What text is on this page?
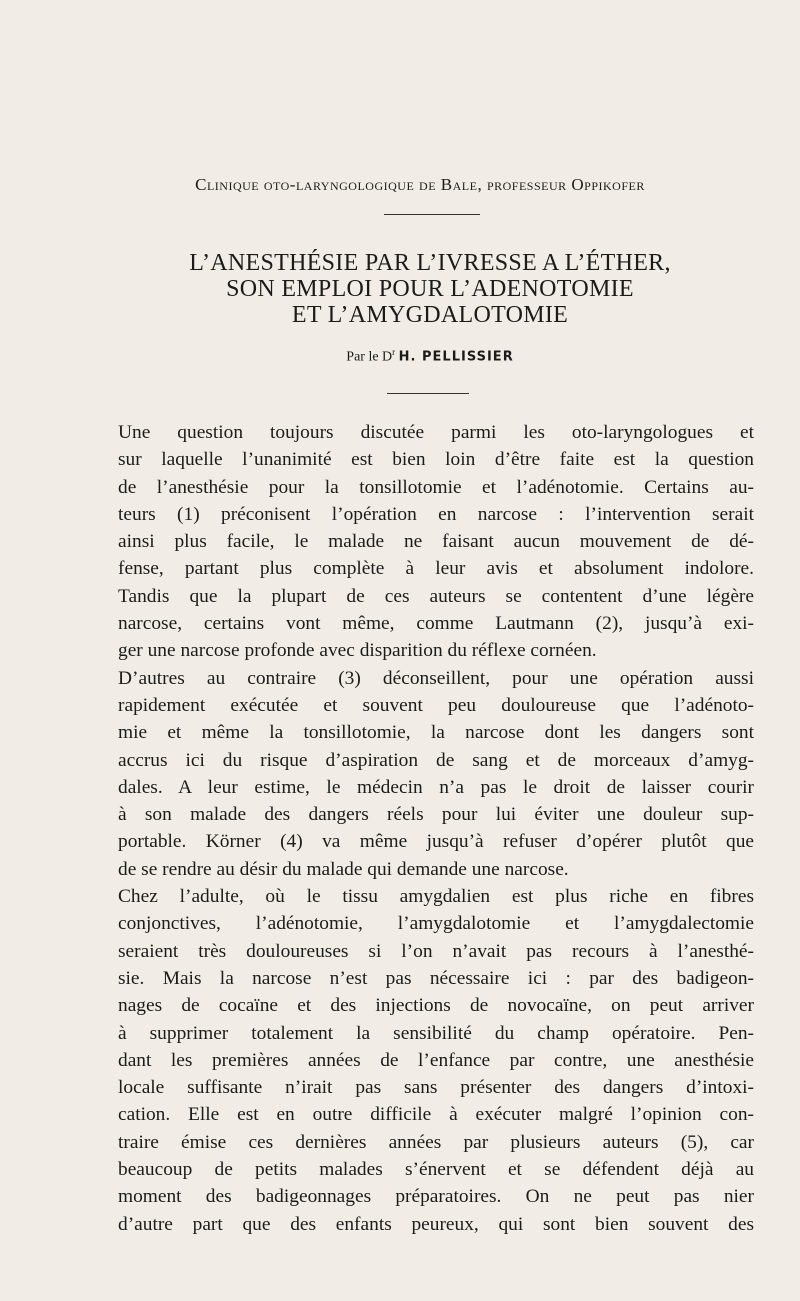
Clinique oto-laryngologique de Bale, professeur Oppikofer
L’ANESTHÉSIE PAR L’IVRESSE A L’ÉTHER,
SON EMPLOI POUR L’ADENOTOMIE
ET L’AMYGDALOTOMIE
Par le $D^r$ H. PELLISSIER
Une question toujours discutée parmi les oto-laryngologues et
sur laquelle l’unanimité est bien loin d’être faite est la question
de l’anesthésie pour la tonsillotomie et l’adénotomie. Certains au-
teurs (1) préconisent l’opération en narcose : l’intervention serait
ainsi plus facile, le malade ne faisant aucun mouvement de dé-
fense, partant plus complète à leur avis et absolument indolore.
Tandis que la plupart de ces auteurs se contentent d’une légère
narcose, certains vont même, comme Lautmann (2), jusqu’à exi-
ger une narcose profonde avec disparition du réflexe cornéen.
D’autres au contraire (3) déconseillent, pour une opération aussi
rapidement exécutée et souvent peu douloureuse que l’adénoto-
mie et même la tonsillotomie, la narcose dont les dangers sont
accrus ici du risque d’aspiration de sang et de morceaux d’amyg-
dales. A leur estime, le médecin n’a pas le droit de laisser courir
à son malade des dangers réels pour lui éviter une douleur sup-
portable. Körner (4) va même jusqu’à refuser d’opérer plutôt que
de se rendre au désir du malade qui demande une narcose.
Chez l’adulte, où le tissu amygdalien est plus riche en fibres
conjonctives, l’adénotomie, l’amygdalotomie et l’amygdalectomie
seraient très douloureuses si l’on n’avait pas recours à l’anesthé-
sie. Mais la narcose n’est pas nécessaire ici : par des badigeon-
nages de cocaïne et des injections de novocaïne, on peut arriver
à supprimer totalement la sensibilité du champ opératoire. Pen-
dant les premières années de l’enfance par contre, une anesthésie
locale suffisante n’irait pas sans présenter des dangers d’intoxi-
cation. Elle est en outre difficile à exécuter malgré l’opinion con-
traire émise ces dernières années par plusieurs auteurs (5), car
beaucoup de petits malades s’énervent et se défendent déjà au
moment des badigeonnages préparatoires. On ne peut pas nier
d’autre part que des enfants peureux, qui sont bien souvent des
